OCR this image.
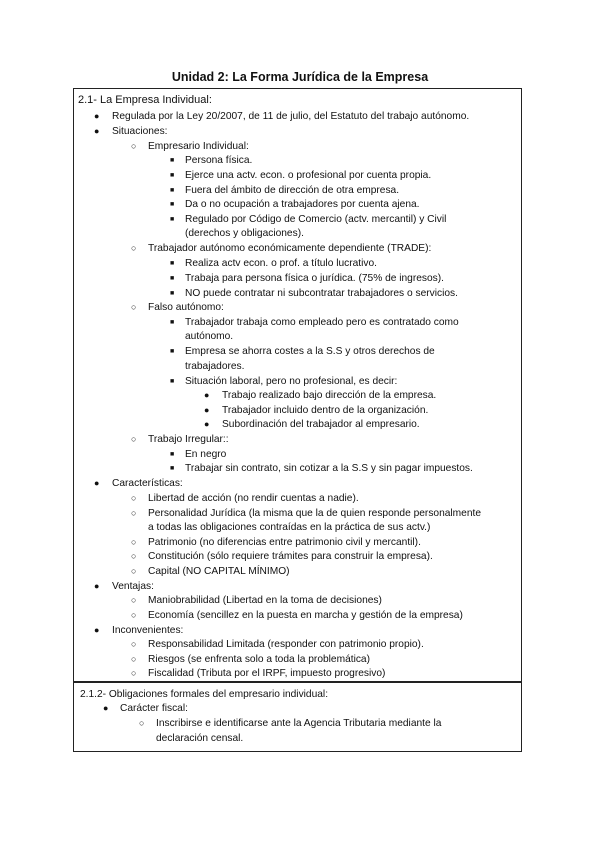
Unidad 2: La Forma Jurídica de la Empresa
2.1- La Empresa Individual:
● Regulada por la Ley 20/2007, de 11 de julio, del Estatuto del trabajo autónomo.
● Situaciones:
○ Empresario Individual:
■ Persona física.
■ Ejerce una actv. econ. o profesional por cuenta propia.
■ Fuera del ámbito de dirección de otra empresa.
■ Da o no ocupación a trabajadores por cuenta ajena.
■ Regulado por Código de Comercio (actv. mercantil) y Civil
(derechos y obligaciones).
○ Trabajador autónomo económicamente dependiente (TRADE):
■ Realiza actv econ. o prof. a título lucrativo.
■ Trabaja para persona física o jurídica. (75% de ingresos).
■ NO puede contratar ni subcontratar trabajadores o servicios.
○ Falso autónomo:
■ Trabajador trabaja como empleado pero es contratado como
autónomo.
■ Empresa se ahorra costes a la S.S y otros derechos de
trabajadores.
■ Situación laboral, pero no profesional, es decir:
● Trabajo realizado bajo dirección de la empresa.
● Trabajador incluido dentro de la organización.
● Subordinación del trabajador al empresario.
○ Trabajo Irregular::
■ En negro
■ Trabajar sin contrato, sin cotizar a la S.S y sin pagar impuestos.
● Características:
○ Libertad de acción (no rendir cuentas a nadie).
○ Personalidad Jurídica (la misma que la de quien responde personalmente
a todas las obligaciones contraídas en la práctica de sus actv.)
○ Patrimonio (no diferencias entre patrimonio civil y mercantil).
○ Constitución (sólo requiere trámites para construir la empresa).
○ Capital (NO CAPITAL MÍNIMO)
● Ventajas:
○ Maniobrabilidad (Libertad en la toma de decisiones)
○ Economía (sencillez en la puesta en marcha y gestión de la empresa)
● Inconvenientes:
○ Responsabilidad Limitada (responder con patrimonio propio).
○ Riesgos (se enfrenta solo a toda la problemática)
○ Fiscalidad (Tributa por el IRPF, impuesto progresivo)
2.1.2- Obligaciones formales del empresario individual:
● Carácter fiscal:
○ Inscribirse e identificarse ante la Agencia Tributaria mediante la
declaración censal.
